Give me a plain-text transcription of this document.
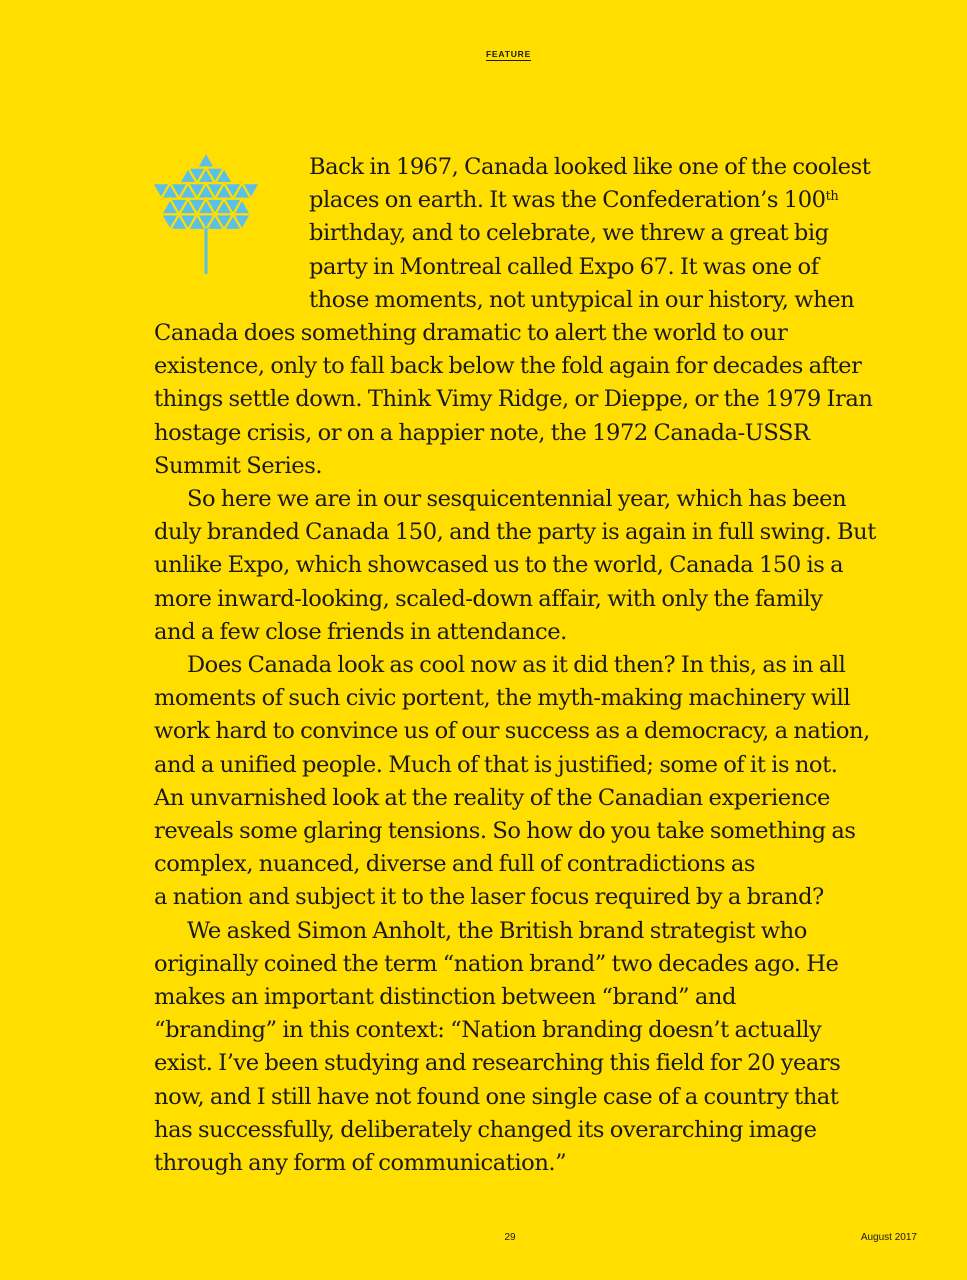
FEATURE
Back in 1967, Canada looked like one of the coolest
places on earth. It was the Confederation’s 100th
birthday, and to celebrate, we threw a great big
party in Montreal called Expo 67. It was one of
those moments, not untypical in our history, when
Canada does something dramatic to alert the world to our
existence, only to fall back below the fold again for decades after
things settle down. Think Vimy Ridge, or Dieppe, or the 1979 Iran
hostage crisis, or on a happier note, the 1972 Canada-USSR
Summit Series.
So here we are in our sesquicentennial year, which has been
duly branded Canada 150, and the party is again in full swing. But
unlike Expo, which showcased us to the world, Canada 150 is a
more inward-looking, scaled-down affair, with only the family
and a few close friends in attendance.
Does Canada look as cool now as it did then? In this, as in all
moments of such civic portent, the myth-making machinery will
work hard to convince us of our success as a democracy, a nation,
and a unified people. Much of that is justified; some of it is not.
An unvarnished look at the reality of the Canadian experience
reveals some glaring tensions. So how do you take something as
complex, nuanced, diverse and full of contradictions as
a nation and subject it to the laser focus required by a brand?
We asked Simon Anholt, the British brand strategist who
originally coined the term “nation brand” two decades ago. He
makes an important distinction between “brand” and
“branding” in this context: “Nation branding doesn’t actually
exist. I’ve been studying and researching this field for 20 years
now, and I still have not found one single case of a country that
has successfully, deliberately changed its overarching image
through any form of communication.”
29	August 2017
